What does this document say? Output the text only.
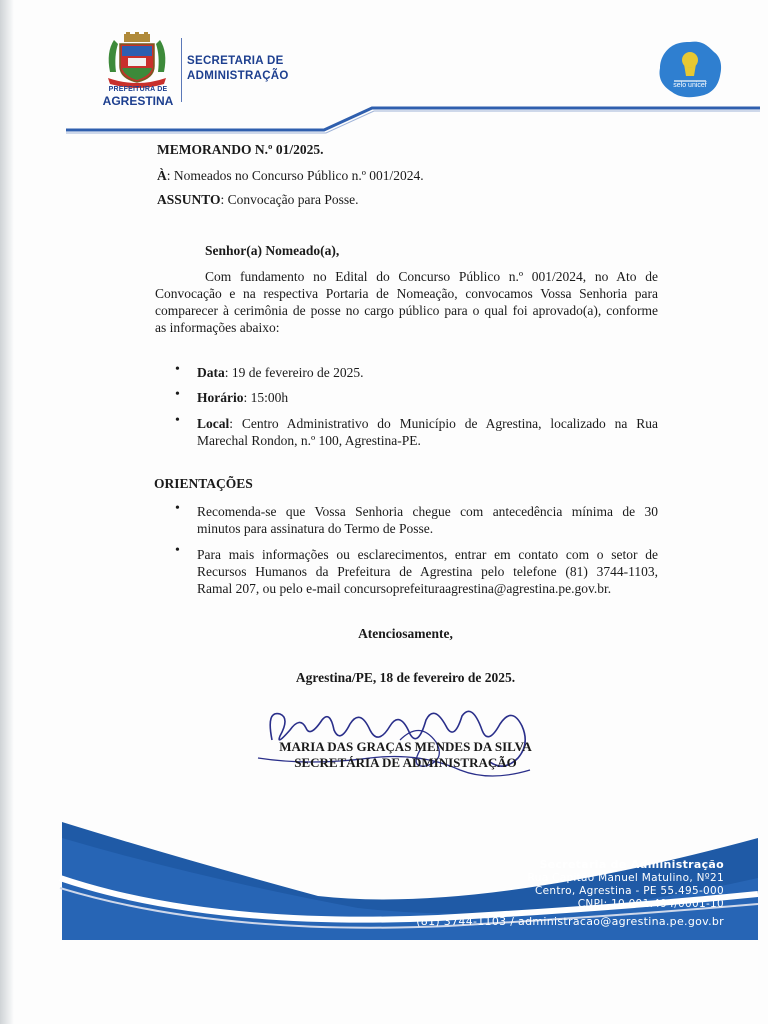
PREFEITURA DE
AGRESTINA
SECRETARIA DE
ADMINISTRAÇÃO
selo unicef
MEMORANDO N.º 01/2025.
À: Nomeados no Concurso Público n.º 001/2024.
ASSUNTO: Convocação para Posse.
Senhor(a) Nomeado(a),
Com fundamento no Edital do Concurso Público n.º 001/2024, no Ato de
Convocação e na respectiva Portaria de Nomeação, convocamos Vossa Senhoria para
comparecer à cerimônia de posse no cargo público para o qual foi aprovado(a), conforme
as informações abaixo:
• Data: 19 de fevereiro de 2025.
• Horário: 15:00h
• Local: Centro Administrativo do Município de Agrestina, localizado na Rua
Marechal Rondon, n.º 100, Agrestina-PE.
ORIENTAÇÕES
• Recomenda-se que Vossa Senhoria chegue com antecedência mínima de 30
minutos para assinatura do Termo de Posse.
• Para mais informações ou esclarecimentos, entrar em contato com o setor de
Recursos Humanos da Prefeitura de Agrestina pelo telefone (81) 3744-1103,
Ramal 207, ou pelo e-mail concursoprefeituraagrestina@agrestina.pe.gov.br.
Atenciosamente,
Agrestina/PE, 18 de fevereiro de 2025.
MARIA DAS GRAÇAS MENDES DA SILVA
SECRETÁRIA DE ADMINISTRAÇÃO
Secretaria de Administração
Rua Capitão Manuel Matulino, Nº21
Centro, Agrestina - PE 55.495-000
CNPJ: 10.091.494/0001-10
(81) 3744-1103 / administracao@agrestina.pe.gov.br
